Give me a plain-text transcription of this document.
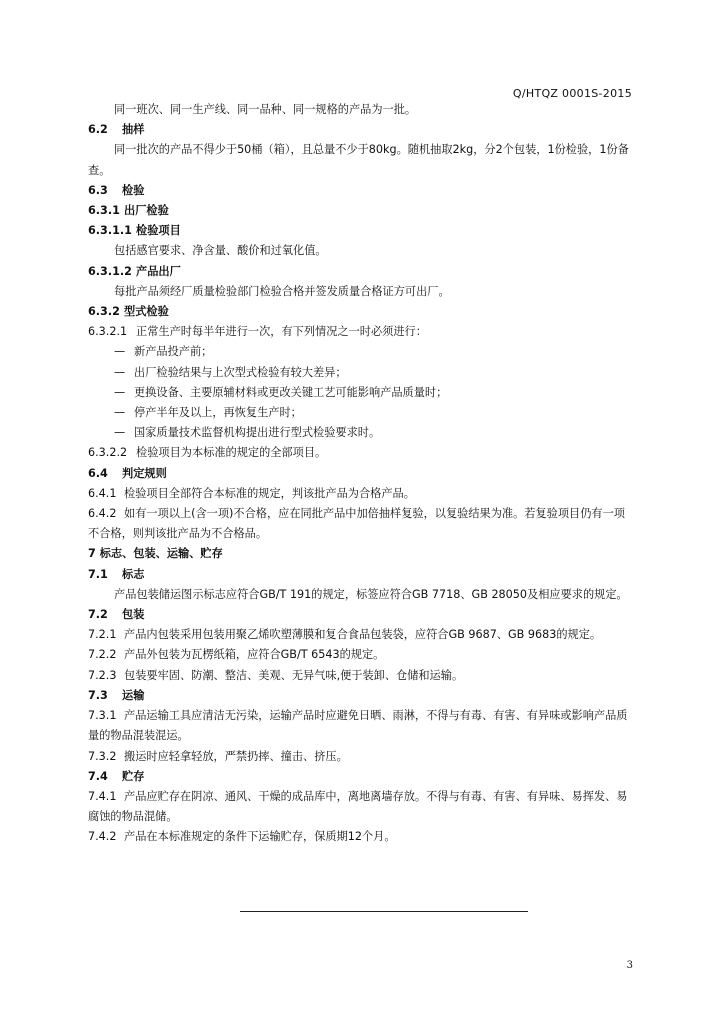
Q/HTQZ 0001S-2015
同一班次、同一生产线、同一品种、同一规格的产品为一批。
6.2 抽样
同一批次的产品不得少于50桶（箱），且总量不少于80kg。随机抽取2kg，分2个包装，1份检验，1份备查。
6.3 检验
6.3.1 出厂检验
6.3.1.1 检验项目
包括感官要求、净含量、酸价和过氧化值。
6.3.1.2 产品出厂
每批产品须经厂质量检验部门检验合格并签发质量合格证方可出厂。
6.3.2 型式检验
6.3.2.1 正常生产时每半年进行一次，有下列情况之一时必须进行：
— 新产品投产前；
— 出厂检验结果与上次型式检验有较大差异；
— 更换设备、主要原辅材料或更改关键工艺可能影响产品质量时；
— 停产半年及以上，再恢复生产时；
— 国家质量技术监督机构提出进行型式检验要求时。
6.3.2.2 检验项目为本标准的规定的全部项目。
6.4 判定规则
6.4.1 检验项目全部符合本标准的规定，判该批产品为合格产品。
6.4.2 如有一项以上(含一项)不合格，应在同批产品中加倍抽样复验，以复验结果为准。若复验项目仍有一项不合格，则判该批产品为不合格品。
7 标志、包装、运输、贮存
7.1 标志
产品包装储运图示标志应符合GB/T 191的规定，标签应符合GB 7718、GB 28050及相应要求的规定。
7.2 包装
7.2.1 产品内包装采用包装用聚乙烯吹塑薄膜和复合食品包装袋，应符合GB 9687、GB 9683的规定。
7.2.2 产品外包装为瓦楞纸箱，应符合GB/T 6543的规定。
7.2.3 包装要牢固、防潮、整洁、美观、无异气味,便于装卸、仓储和运输。
7.3 运输
7.3.1 产品运输工具应清洁无污染，运输产品时应避免日晒、雨淋，不得与有毒、有害、有异味或影响产品质量的物品混装混运。
7.3.2 搬运时应轻拿轻放，严禁扔摔、撞击、挤压。
7.4 贮存
7.4.1 产品应贮存在阴凉、通风、干燥的成品库中，离地离墙存放。不得与有毒、有害、有异味、易挥发、易腐蚀的物品混储。
7.4.2 产品在本标准规定的条件下运输贮存，保质期12个月。
3
